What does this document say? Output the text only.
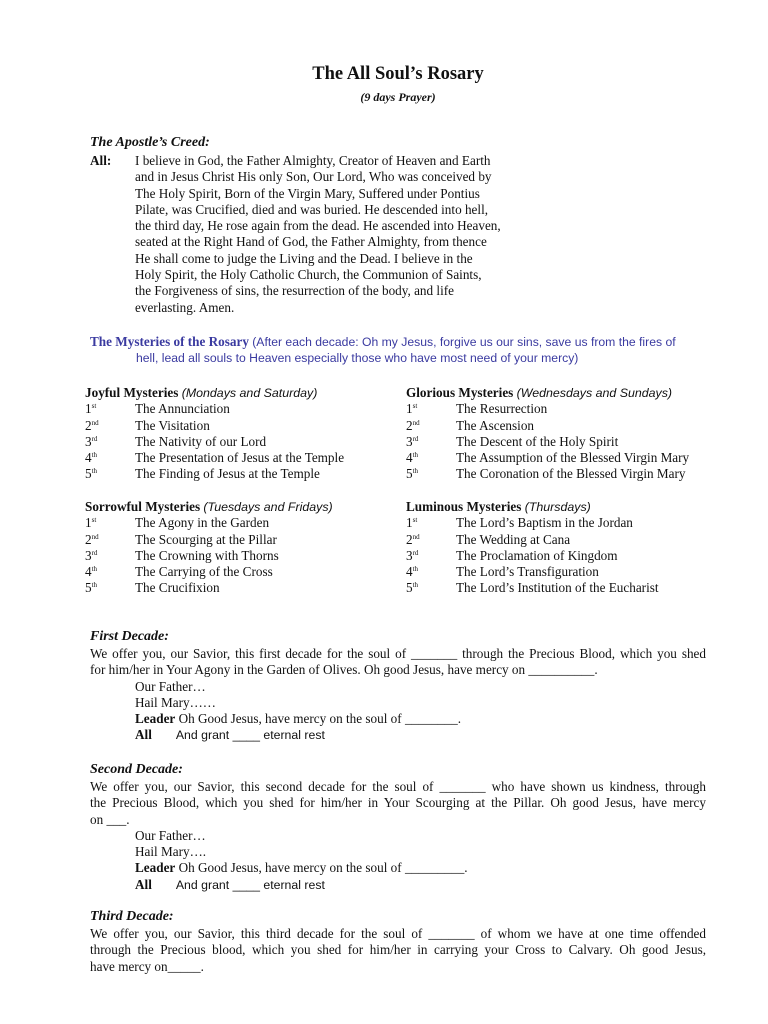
The All Soul’s Rosary
(9 days Prayer)
The Apostle’s Creed:
All: I believe in God, the Father Almighty, Creator of Heaven and Earth
and in Jesus Christ His only Son, Our Lord, Who was conceived by
The Holy Spirit, Born of the Virgin Mary, Suffered under Pontius
Pilate, was Crucified, died and was buried. He descended into hell,
the third day, He rose again from the dead. He ascended into Heaven,
seated at the Right Hand of God, the Father Almighty, from thence
He shall come to judge the Living and the Dead. I believe in the
Holy Spirit, the Holy Catholic Church, the Communion of Saints,
the Forgiveness of sins, the resurrection of the body, and life
everlasting. Amen.
The Mysteries of the Rosary (After each decade: Oh my Jesus, forgive us our sins, save us from the fires of
hell, lead all souls to Heaven especially those who have most need of your mercy)
Joyful Mysteries (Mondays and Saturday)
1st	The Annunciation
2nd	The Visitation
3rd	The Nativity of our Lord
4th	The Presentation of Jesus at the Temple
5th	The Finding of Jesus at the Temple
Glorious Mysteries (Wednesdays and Sundays)
1st	The Resurrection
2nd	The Ascension
3rd	The Descent of the Holy Spirit
4th	The Assumption of the Blessed Virgin Mary
5th	The Coronation of the Blessed Virgin Mary
Sorrowful Mysteries (Tuesdays and Fridays)
1st	The Agony in the Garden
2nd	The Scourging at the Pillar
3rd	The Crowning with Thorns
4th	The Carrying of the Cross
5th	The Crucifixion
Luminous Mysteries (Thursdays)
1st	The Lord’s Baptism in the Jordan
2nd	The Wedding at Cana
3rd	The Proclamation of Kingdom
4th	The Lord’s Transfiguration
5th	The Lord’s Institution of the Eucharist
First Decade:
We offer you, our Savior, this first decade for the soul of _______ through the Precious Blood, which you shed
for him/her in Your Agony in the Garden of Olives. Oh good Jesus, have mercy on __________.
Our Father…
Hail Mary……
Leader Oh Good Jesus, have mercy on the soul of ________.
All And grant ____ eternal rest
Second Decade:
We offer you, our Savior, this second decade for the soul of _______ who have shown us kindness, through
the Precious Blood, which you shed for him/her in Your Scourging at the Pillar. Oh good Jesus, have mercy
on ___.
Our Father…
Hail Mary….
Leader Oh Good Jesus, have mercy on the soul of _________.
All And grant ____ eternal rest
Third Decade:
We offer you, our Savior, this third decade for the soul of _______ of whom we have at one time offended
through the Precious blood, which you shed for him/her in carrying your Cross to Calvary. Oh good Jesus,
have mercy on_____.
